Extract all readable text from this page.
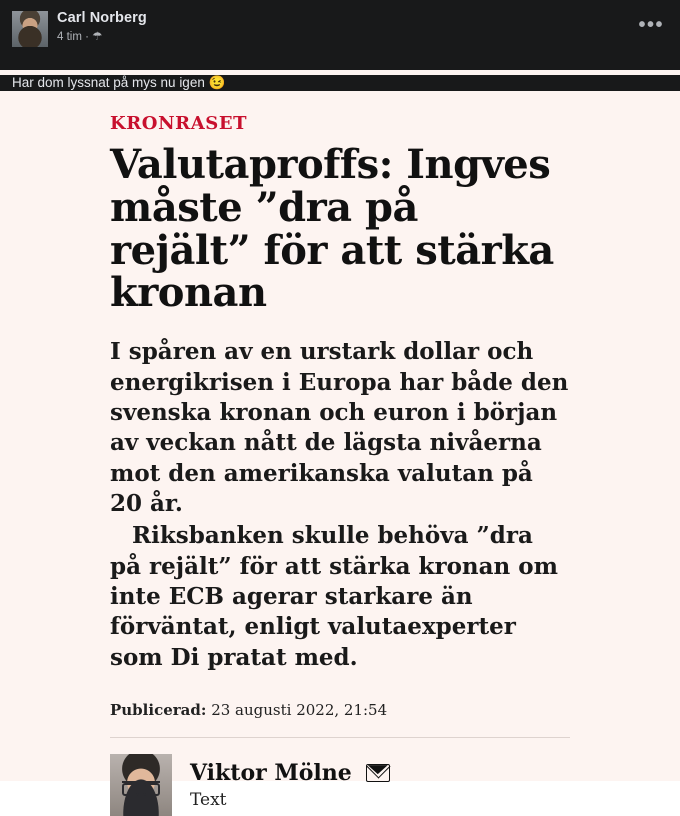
Carl Norberg
4 tim · ☂
•••
Har dom lyssnat på mys nu igen 😉
KRONRASET
Valutaproffs: Ingves måste ”dra på rejält” för att stärka kronan

I spåren av en urstark dollar och energikrisen i Europa har både den svenska kronan och euron i början av veckan nått de lägsta nivåerna mot den amerikanska valutan på 20 år.

Riksbanken skulle behöva ”dra på rejält” för att stärka kronan om inte ECB agerar starkare än förväntat, enligt valutaexperter som Di pratat med.

Publicerad: 23 augusti 2022, 21:54
Viktor Mölne
Text
